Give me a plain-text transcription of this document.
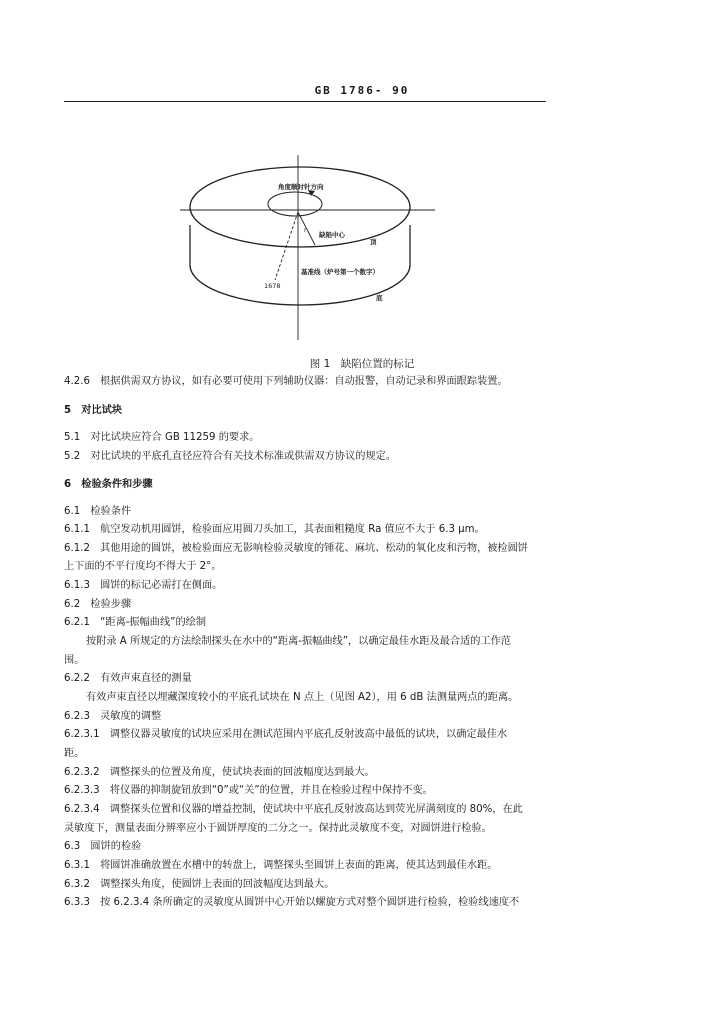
GB 1786- 90
角度顺时针方向
r
缺陷中心
顶
基准线（炉号第一个数字）
1678
底
图 1　缺陷位置的标记
4.2.6　根据供需双方协议，如有必要可使用下列辅助仪器：自动报警，自动记录和界面跟踪装置。
5　对比试块
5.1　对比试块应符合 GB 11259 的要求。
5.2　对比试块的平底孔直径应符合有关技术标准或供需双方协议的规定。
6　检验条件和步骤
6.1　检验条件
6.1.1　航空发动机用圆饼，检验面应用圆刀头加工，其表面粗糙度 Ra 值应不大于 6.3 μm。
6.1.2　其他用途的圆饼，被检验面应无影响检验灵敏度的锤花、麻坑、松动的氧化皮和污物，被检圆饼
上下面的不平行度均不得大于 2°。
6.1.3　圆饼的标记必需打在侧面。
6.2　检验步骤
6.2.1　“距离-振幅曲线”的绘制
按附录 A 所规定的方法绘制探头在水中的“距离-振幅曲线”，以确定最佳水距及最合适的工作范
围。
6.2.2　有效声束直径的测量
有效声束直径以埋藏深度较小的平底孔试块在 N 点上（见图 A2），用 6 dB 法测量两点的距离。
6.2.3　灵敏度的调整
6.2.3.1　调整仪器灵敏度的试块应采用在测试范围内平底孔反射波高中最低的试块，以确定最佳水
距。
6.2.3.2　调整探头的位置及角度，使试块表面的回波幅度达到最大。
6.2.3.3　将仪器的抑制旋钮放到“0”或“关”的位置，并且在检验过程中保持不变。
6.2.3.4　调整探头位置和仪器的增益控制，使试块中平底孔反射波高达到荧光屏满刻度的 80%，在此
灵敏度下，测量表面分辨率应小于圆饼厚度的二分之一。保持此灵敏度不变，对圆饼进行检验。
6.3　圆饼的检验
6.3.1　将圆饼准确放置在水槽中的转盘上，调整探头至圆饼上表面的距离，使其达到最佳水距。
6.3.2　调整探头角度，使圆饼上表面的回波幅度达到最大。
6.3.3　按 6.2.3.4 条所确定的灵敏度从圆饼中心开始以螺旋方式对整个圆饼进行检验，检验线速度不
